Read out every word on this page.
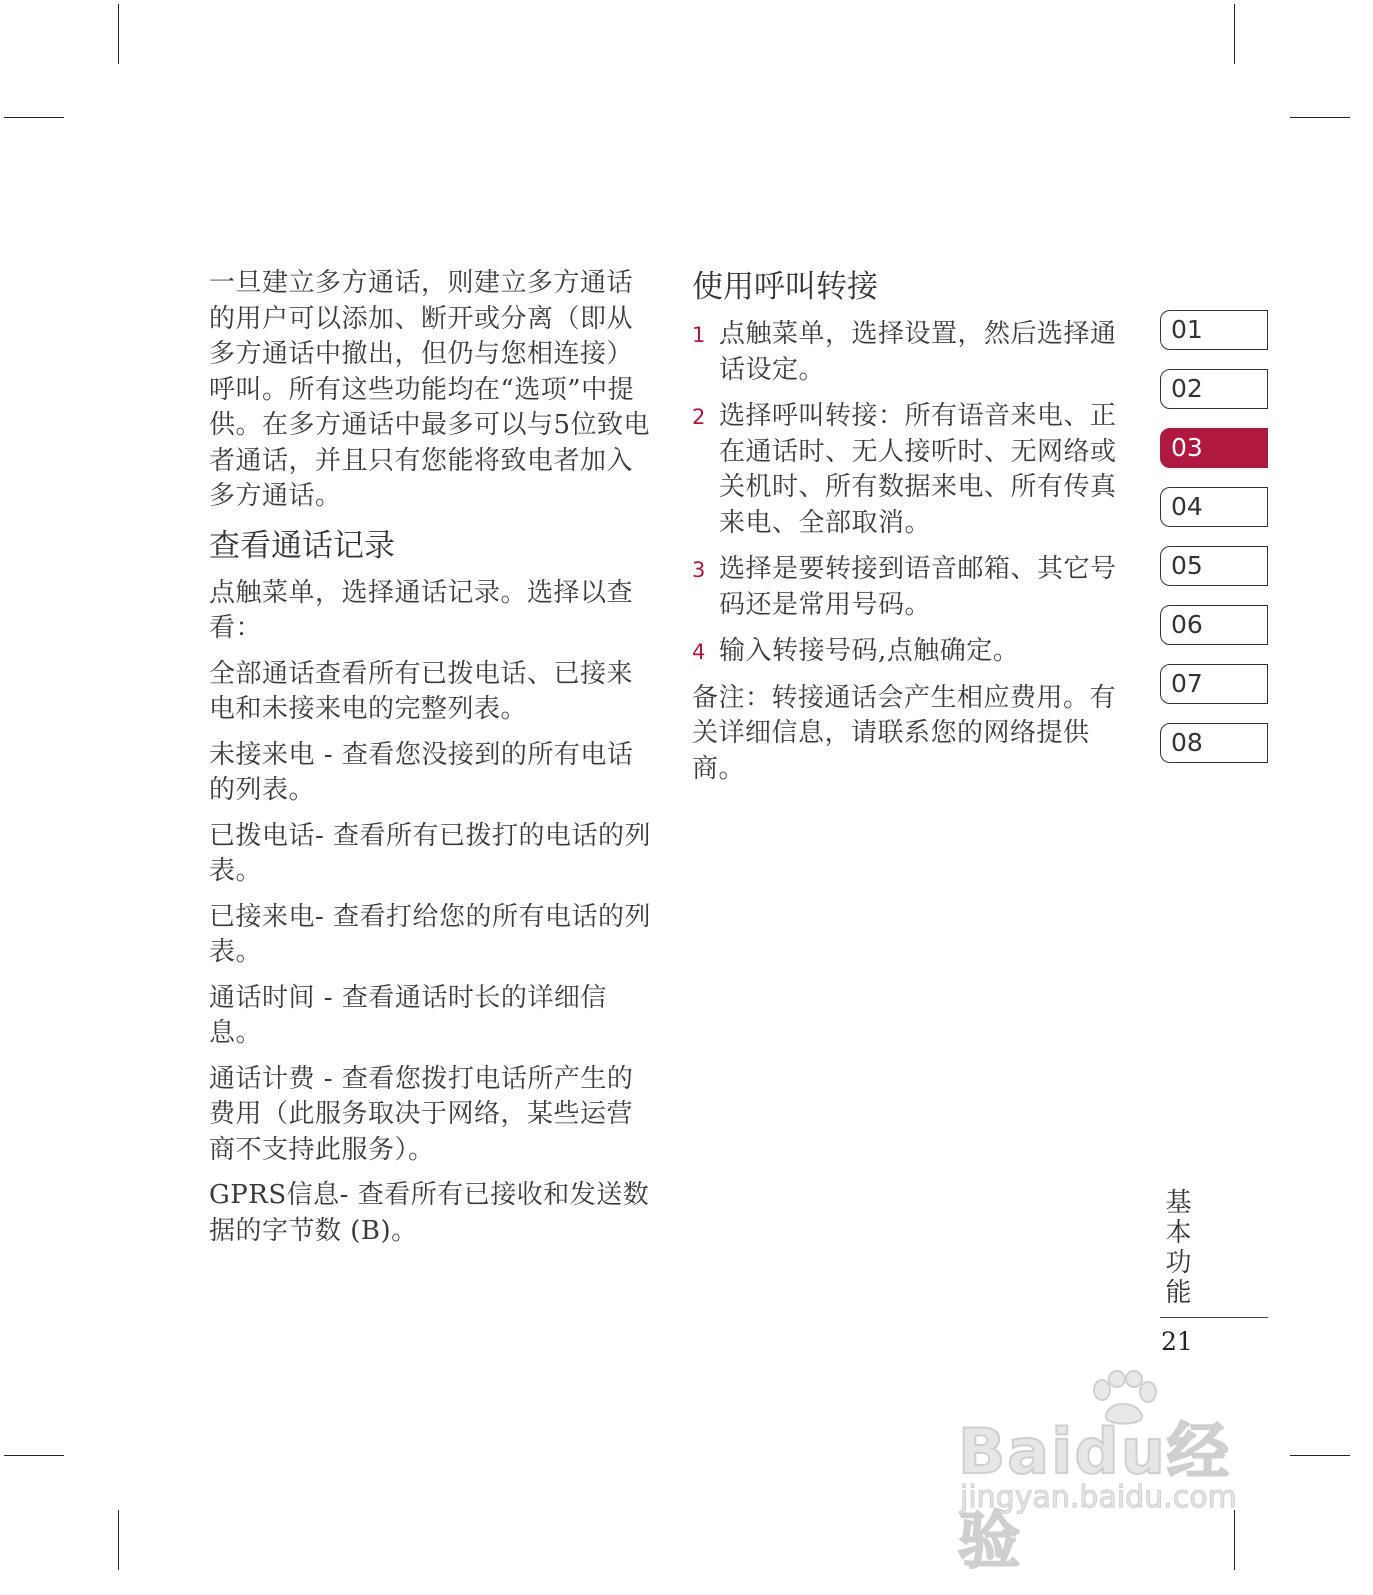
一旦建立多方通话，则建立多方通话的用户可以添加、断开或分离（即从多方通话中撤出，但仍与您相连接）呼叫。所有这些功能均在“选项”中提供。在多方通话中最多可以与5位致电者通话，并且只有您能将致电者加入多方通话。

查看通话记录

点触菜单，选择通话记录。选择以查看：

全部通话查看所有已拨电话、已接来电和未接来电的完整列表。

未接来电 - 查看您没接到的所有电话的列表。

已拨电话- 查看所有已拨打的电话的列表。

已接来电- 查看打给您的所有电话的列表。

通话时间 - 查看通话时长的详细信息。

通话计费 - 查看您拨打电话所产生的费用（此服务取决于网络，某些运营商不支持此服务）。

GPRS信息- 查看所有已接收和发送数据的字节数 (B)。

使用呼叫转接
1 点触菜单，选择设置，然后选择通话设定。
2 选择呼叫转接：所有语音来电、正在通话时、无人接听时、无网络或关机时、所有数据来电、所有传真来电、全部取消。
3 选择是要转接到语音邮箱、其它号码还是常用号码。
4 输入转接号码,点触确定。

备注：转接通话会产生相应费用。有关详细信息，请联系您的网络提供商。

01
02
03
04
05
06
07
08
基本功能
21
Baidu经验
jingyan.baidu.com
